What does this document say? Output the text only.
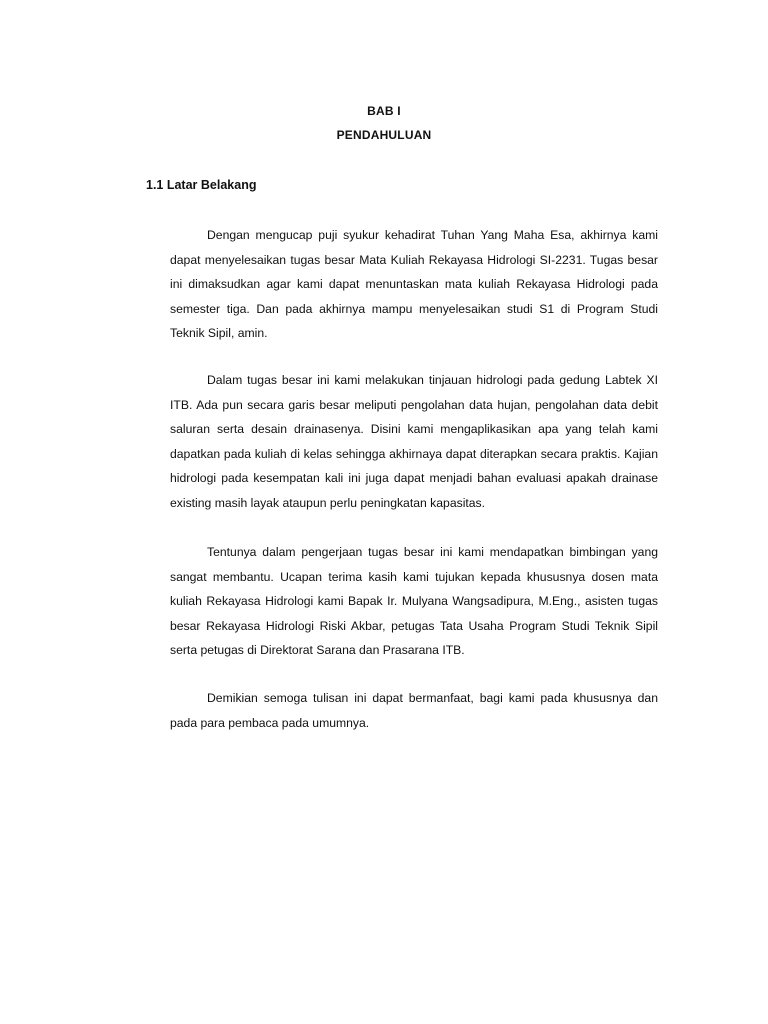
BAB I
PENDAHULUAN
1.1 Latar Belakang

Dengan mengucap puji syukur kehadirat Tuhan Yang Maha Esa, akhirnya kami dapat menyelesaikan tugas besar Mata Kuliah Rekayasa Hidrologi SI-2231. Tugas besar ini dimaksudkan agar kami dapat menuntaskan mata kuliah Rekayasa Hidrologi pada semester tiga. Dan pada akhirnya mampu menyelesaikan studi S1 di Program Studi Teknik Sipil, amin.

Dalam tugas besar ini kami melakukan tinjauan hidrologi pada gedung Labtek XI ITB. Ada pun secara garis besar meliputi pengolahan data hujan, pengolahan data debit saluran serta desain drainasenya. Disini kami mengaplikasikan apa yang telah kami dapatkan pada kuliah di kelas sehingga akhirnaya dapat diterapkan secara praktis. Kajian hidrologi pada kesempatan kali ini juga dapat menjadi bahan evaluasi apakah drainase existing masih layak ataupun perlu peningkatan kapasitas.

Tentunya dalam pengerjaan tugas besar ini kami mendapatkan bimbingan yang sangat membantu. Ucapan terima kasih kami tujukan kepada khususnya dosen mata kuliah Rekayasa Hidrologi kami Bapak Ir. Mulyana Wangsadipura, M.Eng., asisten tugas besar Rekayasa Hidrologi Riski Akbar, petugas Tata Usaha Program Studi Teknik Sipil serta petugas di Direktorat Sarana dan Prasarana ITB.

Demikian semoga tulisan ini dapat bermanfaat, bagi kami pada khususnya dan pada para pembaca pada umumnya.
